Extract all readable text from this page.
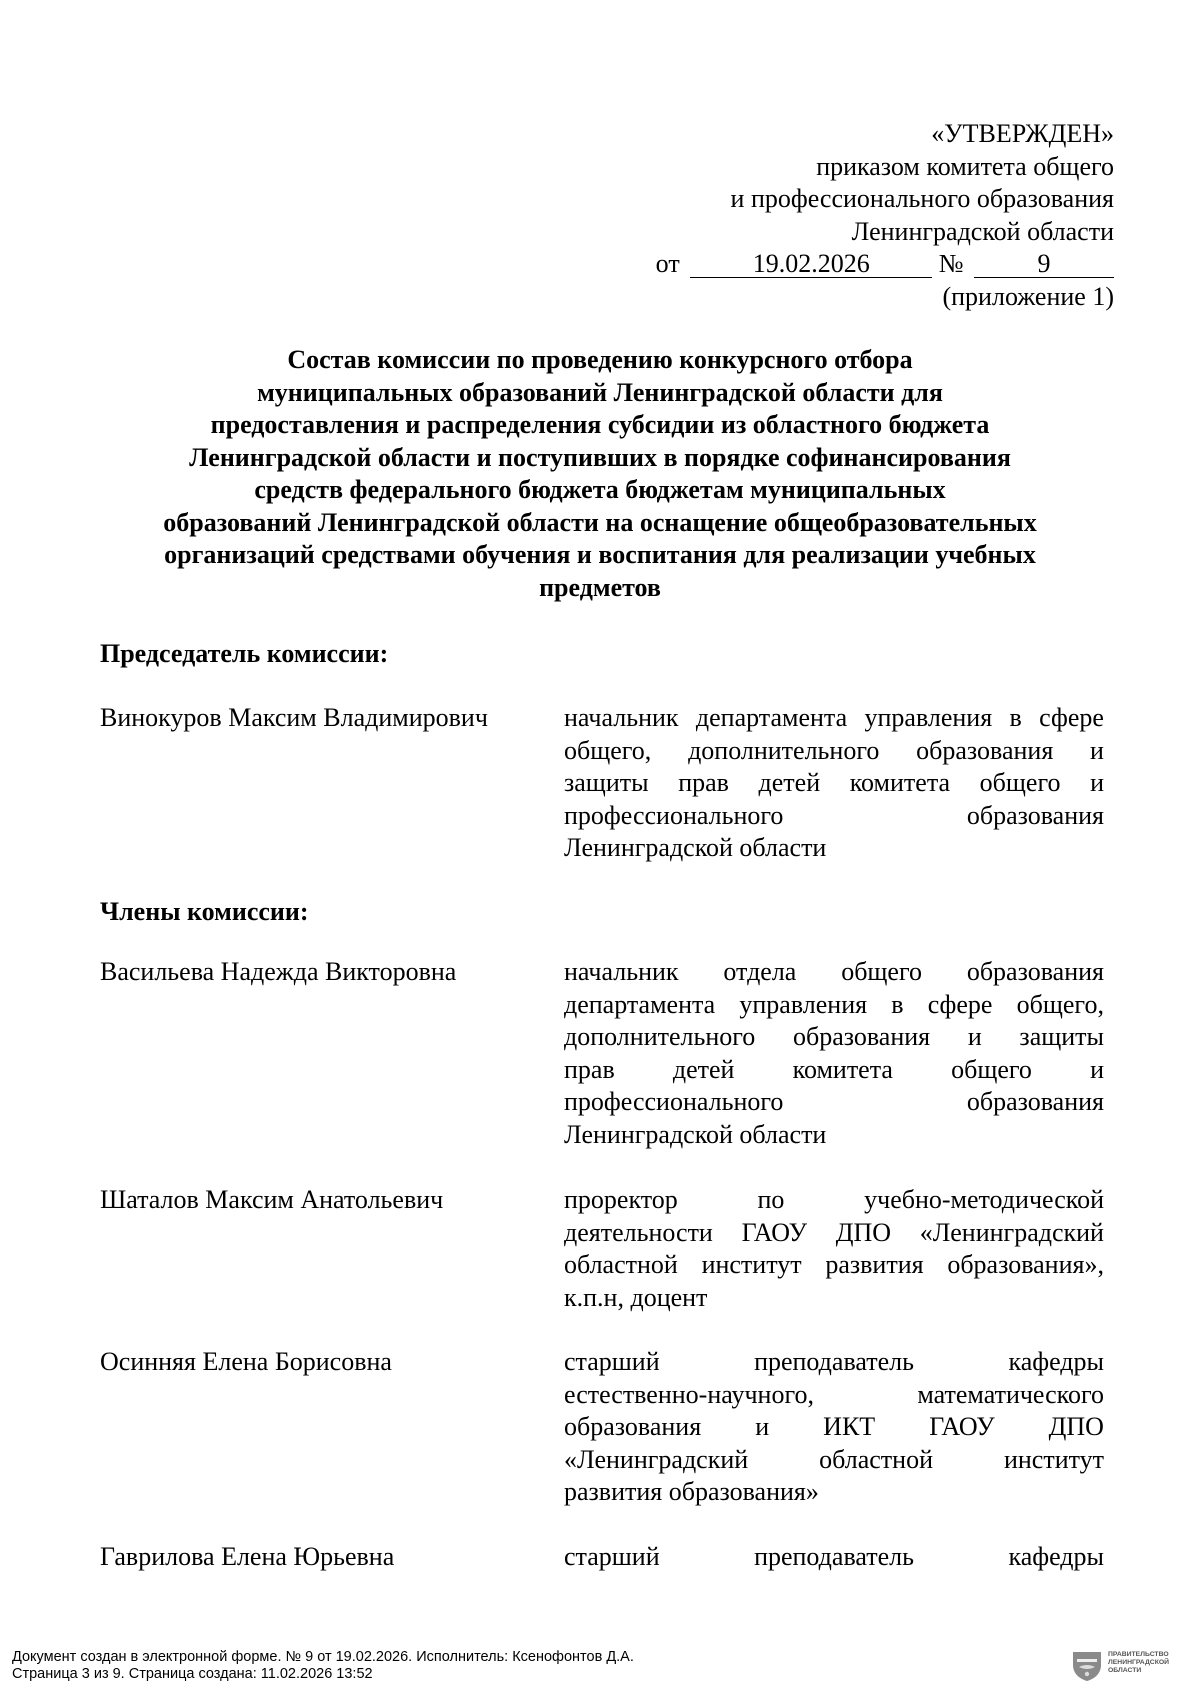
«УТВЕРЖДЕН»
приказом комитета общего
и профессионального образования
Ленинградской области
от	19.02.2026	№	9
(приложение 1)
Состав комиссии по проведению конкурсного отбора
муниципальных образований Ленинградской области для
предоставления и распределения субсидии из областного бюджета
Ленинградской области и поступивших в порядке софинансирования
средств федерального бюджета бюджетам муниципальных
образований Ленинградской области на оснащение общеобразовательных
организаций средствами обучения и воспитания для реализации учебных
предметов
Председатель комиссии:
Винокуров Максим Владимирович	начальник департамента управления в сфере
общего, дополнительного образования и
защиты прав детей комитета общего и
профессионального	образования
Ленинградской области
Члены комиссии:
Васильева Надежда Викторовна	начальник отдела общего образования
департамента управления в сфере общего,
дополнительного образования и защиты
прав детей комитета общего и
профессионального	образования
Ленинградской области
Шаталов Максим Анатольевич	проректор	по	учебно-методической
деятельности ГАОУ ДПО «Ленинградский
областной институт развития образования»,
к.п.н, доцент
Осинняя Елена Борисовна	старший	преподаватель	кафедры
естественно-научного,	математического
образования и ИКТ ГАОУ ДПО
«Ленинградский	областной	институт
развития образования»
Гаврилова Елена Юрьевна	старший	преподаватель	кафедры
Документ создан в электронной форме. № 9 от 19.02.2026. Исполнитель: Ксенофонтов Д.А.
Страница 3 из 9. Страница создана: 11.02.2026 13:52
ПРАВИТЕЛЬСТВО
ЛЕНИНГРАДСКОЙ
ОБЛАСТИ
